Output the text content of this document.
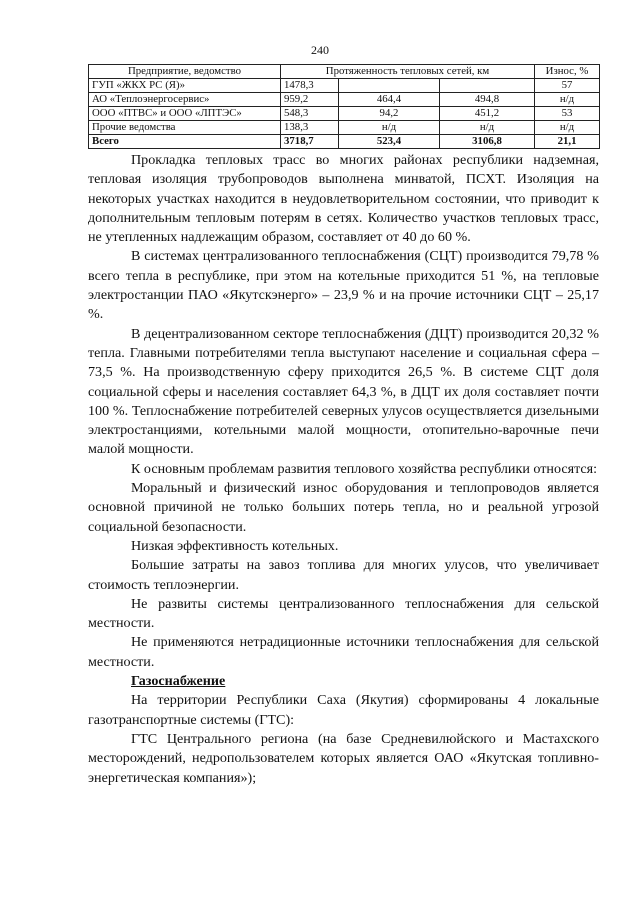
240
Предприятие, ведомство	Протяженность тепловых сетей, км			Износ, %
ГУП «ЖКХ РС (Я)»	1478,3			57
АО «Теплоэнергосервис»	959,2	464,4	494,8	н/д
ООО «ПТВС» и ООО «ЛПТЭС»	548,3	94,2	451,2	53
Прочие ведомства	138,3	н/д	н/д	н/д
Всего	3718,7	523,4	3106,8	21,1

Прокладка тепловых трасс во многих районах республики надземная, тепловая изоляция трубопроводов выполнена минватой, ПСХТ. Изоляция на некоторых участках находится в неудовлетворительном состоянии, что приводит к дополнительным тепловым потерям в сетях. Количество участков тепловых трасс, не утепленных надлежащим образом, составляет от 40 до 60 %.

В системах централизованного теплоснабжения (СЦТ) производится 79,78 % всего тепла в республике, при этом на котельные приходится 51 %, на тепловые электростанции ПАО «Якутскэнерго» – 23,9 % и на прочие источники СЦТ – 25,17 %.

В децентрализованном секторе теплоснабжения (ДЦТ) производится 20,32 % тепла. Главными потребителями тепла выступают население и социальная сфера – 73,5 %. На производственную сферу приходится 26,5 %. В системе СЦТ доля социальной сферы и населения составляет 64,3 %, в ДЦТ их доля составляет почти 100 %. Теплоснабжение потребителей северных улусов осуществляется дизельными электростанциями, котельными малой мощности, отопительно-варочные печи малой мощности.

К основным проблемам развития теплового хозяйства республики относятся:

Моральный и физический износ оборудования и теплопроводов является основной причиной не только больших потерь тепла, но и реальной угрозой социальной безопасности.

Низкая эффективность котельных.

Большие затраты на завоз топлива для многих улусов, что увеличивает стоимость теплоэнергии.

Не развиты системы централизованного теплоснабжения для сельской местности.

Не применяются нетрадиционные источники теплоснабжения для сельской местности.

Газоснабжение

На территории Республики Саха (Якутия) сформированы 4 локальные газотранспортные системы (ГТС):

ГТС Центрального региона (на базе Средневилюйского и Мастахского месторождений, недропользователем которых является ОАО «Якутская топливно-энергетическая компания»);
